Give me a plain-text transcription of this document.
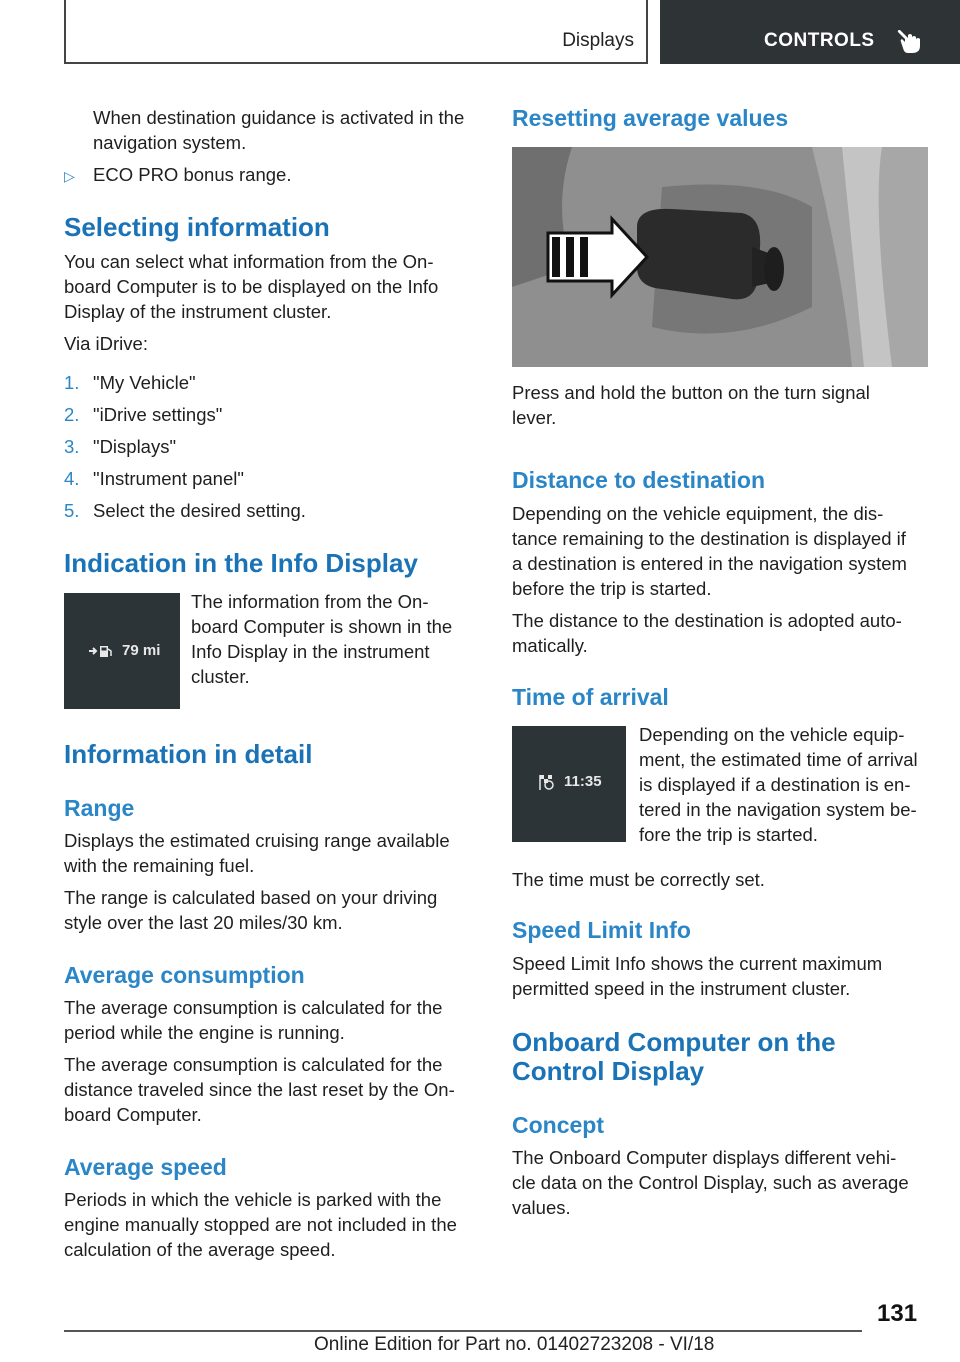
Displays	CONTROLS
When destination guidance is activated in the
navigation system.
▷ ECO PRO bonus range.
Selecting information
You can select what information from the On-
board Computer is to be displayed on the Info
Display of the instrument cluster.
Via iDrive:
1. "My Vehicle"
2. "iDrive settings"
3. "Displays"
4. "Instrument panel"
5. Select the desired setting.
Indication in the Info Display
79 mi
The information from the On-
board Computer is shown in the
Info Display in the instrument
cluster.
Information in detail
Range
Displays the estimated cruising range available
with the remaining fuel.
The range is calculated based on your driving
style over the last 20 miles/30 km.
Average consumption
The average consumption is calculated for the
period while the engine is running.
The average consumption is calculated for the
distance traveled since the last reset by the On-
board Computer.
Average speed
Periods in which the vehicle is parked with the
engine manually stopped are not included in the
calculation of the average speed.
Resetting average values
Press and hold the button on the turn signal
lever.
Distance to destination
Depending on the vehicle equipment, the dis-
tance remaining to the destination is displayed if
a destination is entered in the navigation system
before the trip is started.
The distance to the destination is adopted auto-
matically.
Time of arrival
11:35
Depending on the vehicle equip-
ment, the estimated time of arrival
is displayed if a destination is en-
tered in the navigation system be-
fore the trip is started.
The time must be correctly set.
Speed Limit Info
Speed Limit Info shows the current maximum
permitted speed in the instrument cluster.
Onboard Computer on the
Control Display
Concept
The Onboard Computer displays different vehi-
cle data on the Control Display, such as average
values.
131
Online Edition for Part no. 01402723208 - VI/18
